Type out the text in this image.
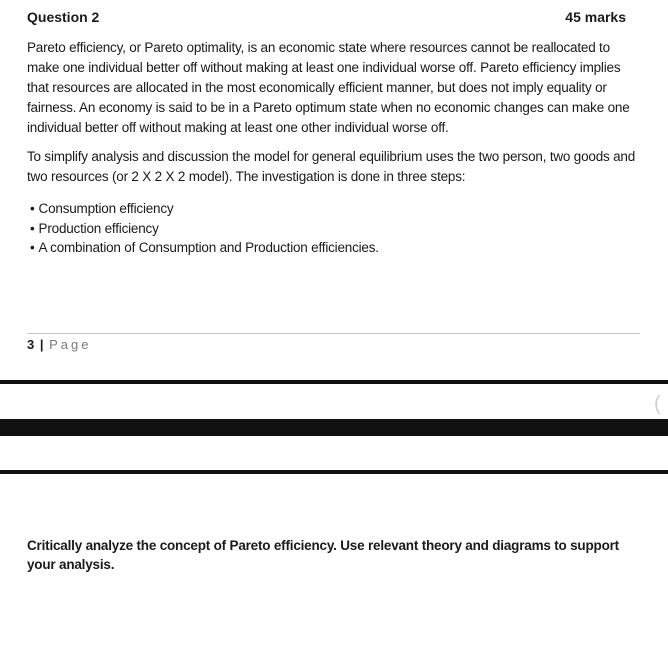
Question 2	45 marks

Pareto efficiency, or Pareto optimality, is an economic state where resources cannot be reallocated to make one individual better off without making at least one individual worse off. Pareto efficiency implies that resources are allocated in the most economically efficient manner, but does not imply equality or fairness. An economy is said to be in a Pareto optimum state when no economic changes can make one individual better off without making at least one other individual worse off.

To simplify analysis and discussion the model for general equilibrium uses the two person, two goods and two resources (or 2 X 2 X 2 model). The investigation is done in three steps:

• Consumption efficiency
• Production efficiency
• A combination of Consumption and Production efficiencies.
3 | Page
(

Critically analyze the concept of Pareto efficiency. Use relevant theory and diagrams to support your analysis.
